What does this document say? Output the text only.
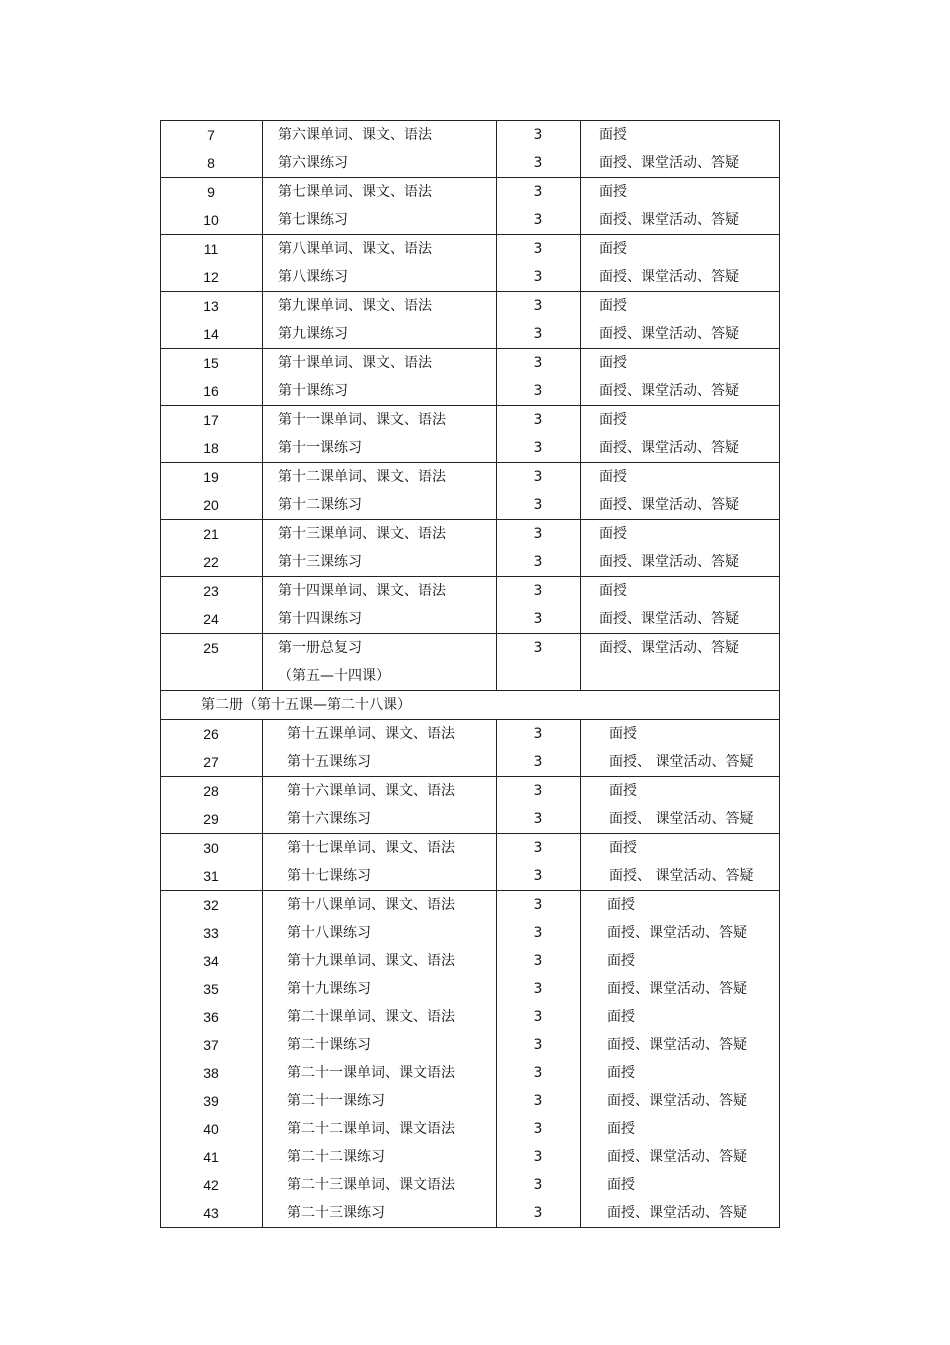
7	第六课单词、课文、语法	3	面授
8	第六课练习	3	面授、课堂活动、答疑
9	第七课单词、课文、语法	3	面授
10	第七课练习	3	面授、课堂活动、答疑
11	第八课单词、课文、语法	3	面授
12	第八课练习	3	面授、课堂活动、答疑
13	第九课单词、课文、语法	3	面授
14	第九课练习	3	面授、课堂活动、答疑
15	第十课单词、课文、语法	3	面授
16	第十课练习	3	面授、课堂活动、答疑
17	第十一课单词、课文、语法	3	面授
18	第十一课练习	3	面授、课堂活动、答疑
19	第十二课单词、课文、语法	3	面授
20	第十二课练习	3	面授、课堂活动、答疑
21	第十三课单词、课文、语法	3	面授
22	第十三课练习	3	面授、课堂活动、答疑
23	第十四课单词、课文、语法	3	面授
24	第十四课练习	3	面授、课堂活动、答疑
25	第一册总复习	3	面授、课堂活动、答疑
（第五—十四课）
第二册（第十五课—第二十八课）
26	第十五课单词、课文、语法	3	面授
27	第十五课练习	3	面授、 课堂活动、答疑
28	第十六课单词、课文、语法	3	面授
29	第十六课练习	3	面授、 课堂活动、答疑
30	第十七课单词、课文、语法	3	面授
31	第十七课练习	3	面授、 课堂活动、答疑
32	第十八课单词、课文、语法	3	面授
33	第十八课练习	3	面授、课堂活动、答疑
34	第十九课单词、课文、语法	3	面授
35	第十九课练习	3	面授、课堂活动、答疑
36	第二十课单词、课文、语法	3	面授
37	第二十课练习	3	面授、课堂活动、答疑
38	第二十一课单词、课文语法	3	面授
39	第二十一课练习	3	面授、课堂活动、答疑
40	第二十二课单词、课文语法	3	面授
41	第二十二课练习	3	面授、课堂活动、答疑
42	第二十三课单词、课文语法	3	面授
43	第二十三课练习	3	面授、课堂活动、答疑
